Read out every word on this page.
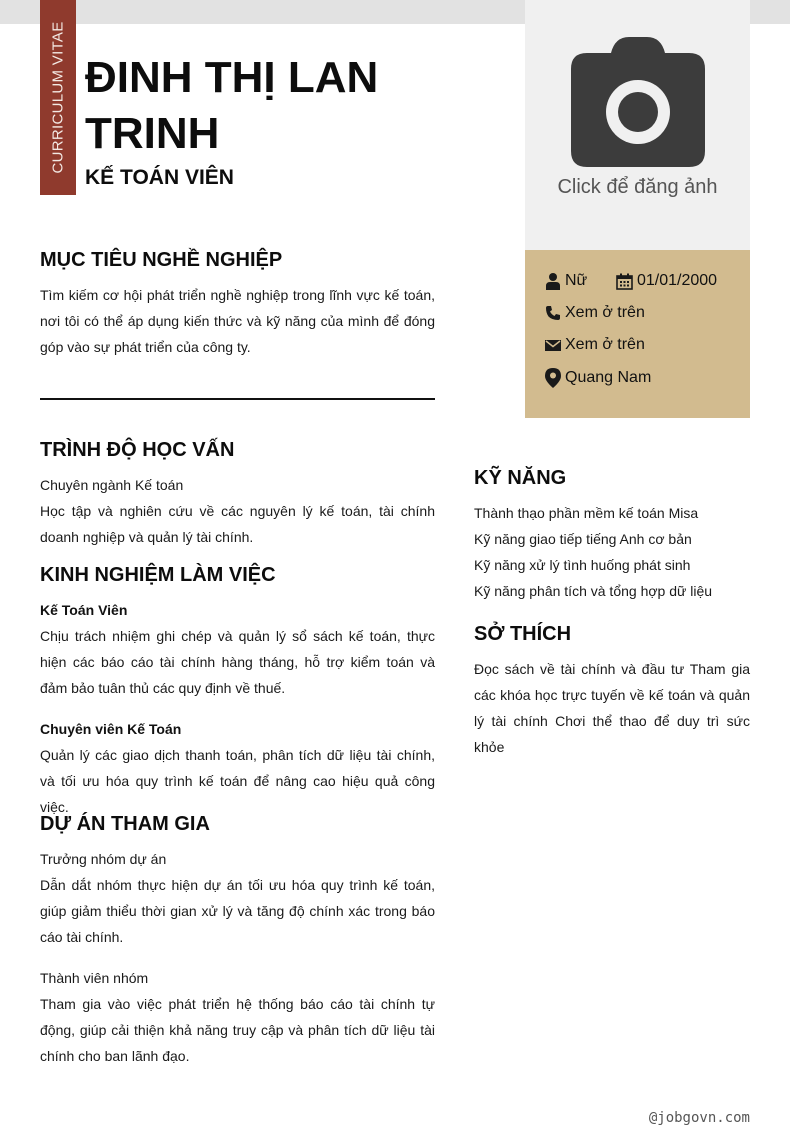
CURRICULUM VITAE ĐINH THỊ LAN TRINH
KẾ TOÁN VIÊN	Click để đăng ảnh
Nữ	01/01/2000
Xem ở trên
Xem ở trên
Quang Nam
MỤC TIÊU NGHỀ NGHIỆP

Tìm kiếm cơ hội phát triển nghề nghiệp trong lĩnh vực kế toán, nơi tôi có thể áp dụng kiến thức và kỹ năng của mình để đóng góp vào sự phát triển của công ty.

TRÌNH ĐỘ HỌC VẤN
Chuyên ngành Kế toán

Học tập và nghiên cứu về các nguyên lý kế toán, tài chính doanh nghiệp và quản lý tài chính.

KINH NGHIỆM LÀM VIỆC
Kế Toán Viên

Chịu trách nhiệm ghi chép và quản lý sổ sách kế toán, thực hiện các báo cáo tài chính hàng tháng, hỗ trợ kiểm toán và đảm bảo tuân thủ các quy định về thuế.

Chuyên viên Kế Toán

Quản lý các giao dịch thanh toán, phân tích dữ liệu tài chính, và tối ưu hóa quy trình kế toán để nâng cao hiệu quả công việc.

DỰ ÁN THAM GIA
Trưởng nhóm dự án

Dẫn dắt nhóm thực hiện dự án tối ưu hóa quy trình kế toán, giúp giảm thiểu thời gian xử lý và tăng độ chính xác trong báo cáo tài chính.

Thành viên nhóm

Tham gia vào việc phát triển hệ thống báo cáo tài chính tự động, giúp cải thiện khả năng truy cập và phân tích dữ liệu tài chính cho ban lãnh đạo.

KỸ NĂNG
Thành thạo phần mềm kế toán Misa
Kỹ năng giao tiếp tiếng Anh cơ bản
Kỹ năng xử lý tình huống phát sinh
Kỹ năng phân tích và tổng hợp dữ liệu
SỞ THÍCH

Đọc sách về tài chính và đầu tư Tham gia các khóa học trực tuyến về kế toán và quản lý tài chính Chơi thể thao để duy trì sức khỏe

@jobgovn.com
